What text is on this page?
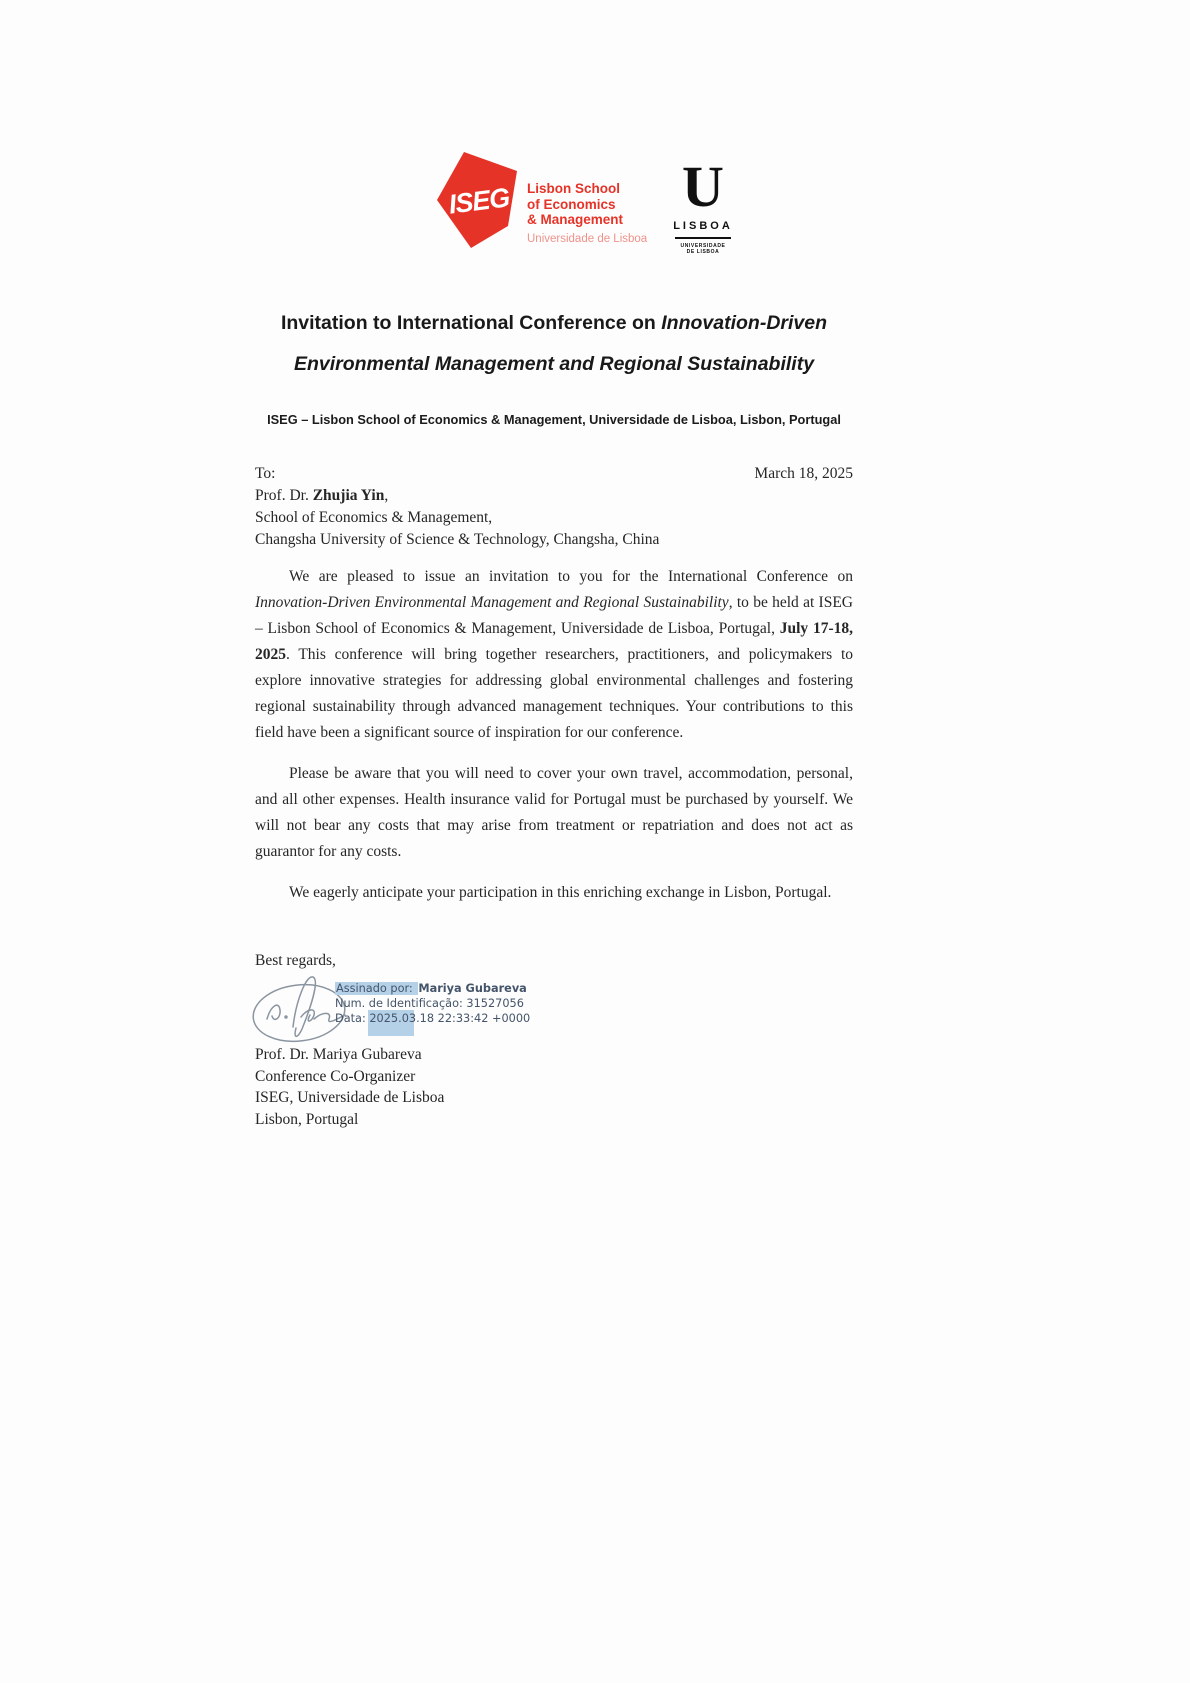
ISEG	Lisbon School
of Economics
& Management
Universidade de Lisboa
U
LISBOA
UNIVERSIDADE
DE LISBOA
Invitation to International Conference on Innovation-Driven
Environmental Management and Regional Sustainability
ISEG – Lisbon School of Economics & Management, Universidade de Lisboa, Lisbon, Portugal
To:	March 18, 2025
Prof. Dr. Zhujia Yin,
School of Economics & Management,
Changsha University of Science & Technology, Changsha, China

We are pleased to issue an invitation to you for the International Conference on Innovation-Driven Environmental Management and Regional Sustainability, to be held at ISEG – Lisbon School of Economics & Management, Universidade de Lisboa, Portugal, July 17-18, 2025. This conference will bring together researchers, practitioners, and policymakers to explore innovative strategies for addressing global environmental challenges and fostering regional sustainability through advanced management techniques. Your contributions to this field have been a significant source of inspiration for our conference.

Please be aware that you will need to cover your own travel, accommodation, personal, and all other expenses. Health insurance valid for Portugal must be purchased by yourself. We will not bear any costs that may arise from treatment or repatriation and does not act as guarantor for any costs.

We eagerly anticipate your participation in this enriching exchange in Lisbon, Portugal.

Best regards,
Assinado por: Mariya Gubareva
Num. de Identificação: 31527056
Data: 2025.03.18 22:33:42 +0000
Prof. Dr. Mariya Gubareva
Conference Co-Organizer
ISEG, Universidade de Lisboa
Lisbon, Portugal
